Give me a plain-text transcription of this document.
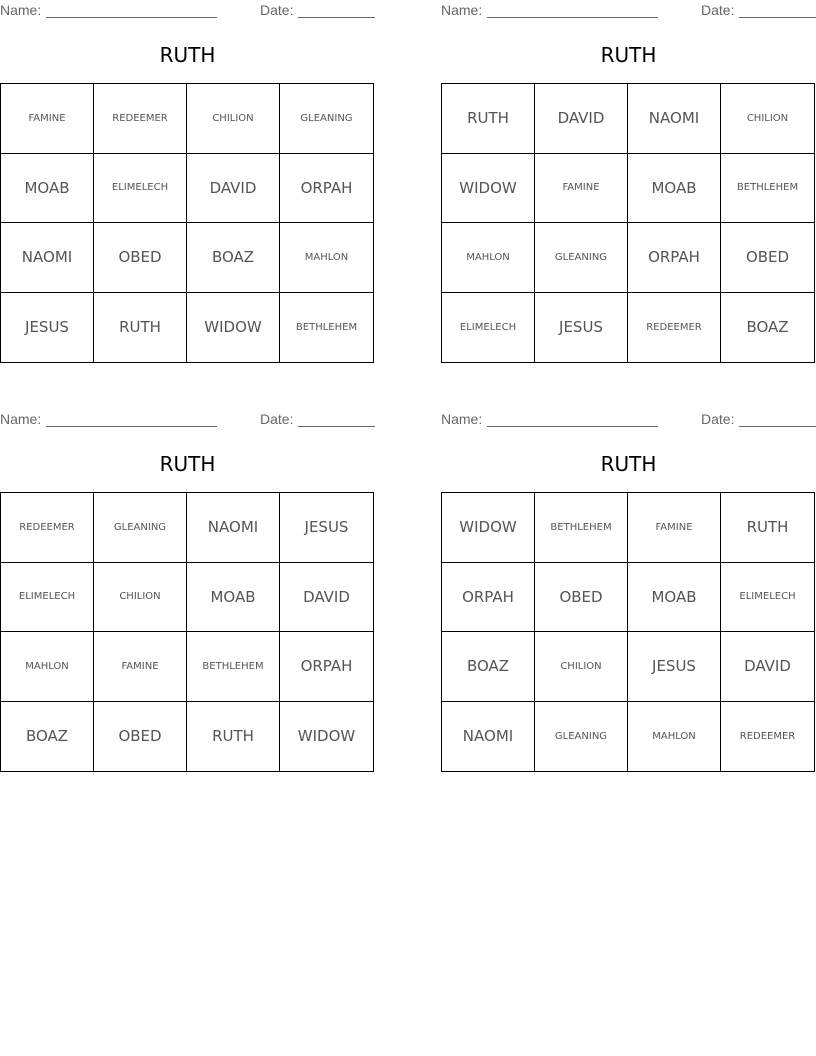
Name:	Date:
RUTH
FAMINE	REDEEMER	CHILION	GLEANING
MOAB	ELIMELECH	DAVID	ORPAH
NAOMI	OBED	BOAZ	MAHLON
JESUS	RUTH	WIDOW	BETHLEHEM
Name:	Date:
RUTH
RUTH	DAVID	NAOMI	CHILION
WIDOW	FAMINE	MOAB	BETHLEHEM
MAHLON	GLEANING	ORPAH	OBED
ELIMELECH	JESUS	REDEEMER	BOAZ
Name:	Date:
RUTH
REDEEMER	GLEANING	NAOMI	JESUS
ELIMELECH	CHILION	MOAB	DAVID
MAHLON	FAMINE	BETHLEHEM	ORPAH
BOAZ	OBED	RUTH	WIDOW
Name:	Date:
RUTH
WIDOW	BETHLEHEM	FAMINE	RUTH
ORPAH	OBED	MOAB	ELIMELECH
BOAZ	CHILION	JESUS	DAVID
NAOMI	GLEANING	MAHLON	REDEEMER
